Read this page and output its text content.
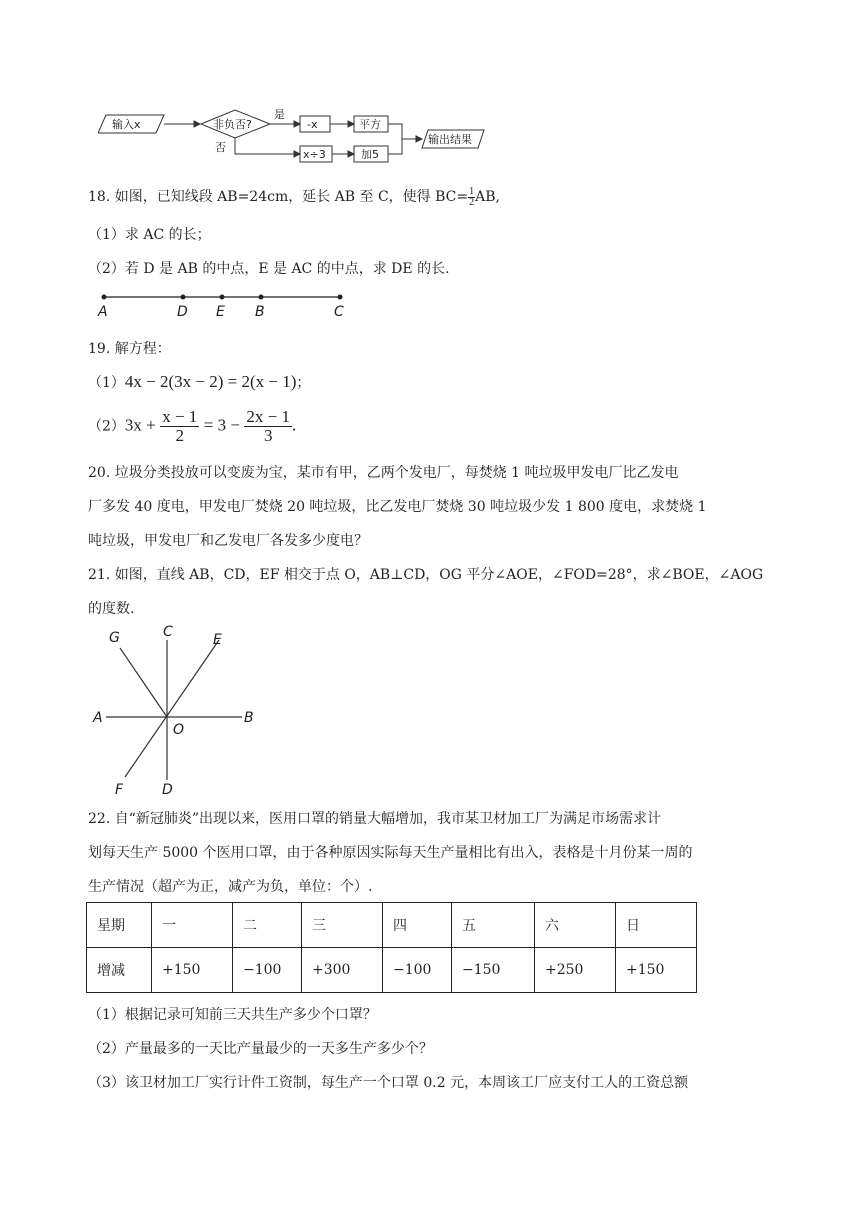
输入x	非负否?
是
否
-x	平方
x÷3	加5
输出结果
18. 如图，已知线段 AB=24cm，延长 AB 至 C，使得 $BC= \frac{1}{2}AB$,
（1）求 AC 的长；
（2）若 D 是 AB 的中点，E 是 AC 的中点，求 DE 的长.
A	D E B	C
19. 解方程：
（1）4x − 2(3x − 2) = 2(x − 1)；
$(2)3x + \frac{x - 1}{2} = 3 - \frac{2x - 1}{3}$ .
20. 垃圾分类投放可以变废为宝，某市有甲，乙两个发电厂，每焚烧 1 吨垃圾甲发电厂比乙发电
厂多发 40 度电，甲发电厂焚烧 20 吨垃圾，比乙发电厂焚烧 30 吨垃圾少发 1 800 度电，求焚烧 1
吨垃圾，甲发电厂和乙发电厂各发多少度电？
21. 如图，直线 AB，CD，EF 相交于点 O，AB⊥CD，OG 平分∠AOE，∠FOD=28°，求∠BOE，∠AOG
的度数.
G	C	E
A
O
B
F	D
22. 自“新冠肺炎”出现以来，医用口罩的销量大幅增加，我市某卫材加工厂为满足市场需求计
划每天生产 5000 个医用口罩，由于各种原因实际每天生产量相比有出入，表格是十月份某一周的
生产情况（超产为正，减产为负，单位：个）.
星期	一	二	三	四	五	六	日
增减	+150	−100	+300	−100	−150	+250	+150
（1）根据记录可知前三天共生产多少个口罩？
（2）产量最多的一天比产量最少的一天多生产多少个？
（3）该卫材加工厂实行计件工资制，每生产一个口罩 0.2 元，本周该工厂应支付工人的工资总额
